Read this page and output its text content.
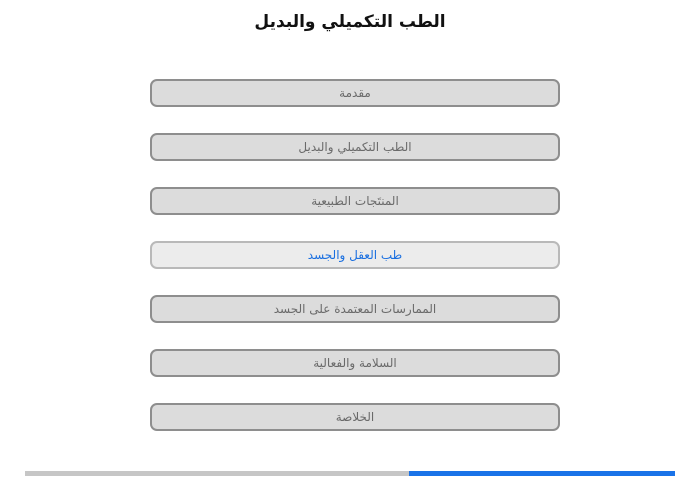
الطب التكميلي والبديل
مقدمة
الطب التكميلي والبديل
المنتَجات الطبيعية
طب العقل والجسد
الممارسات المعتمدة على الجسد
السلامة والفعالية
الخلاصة
